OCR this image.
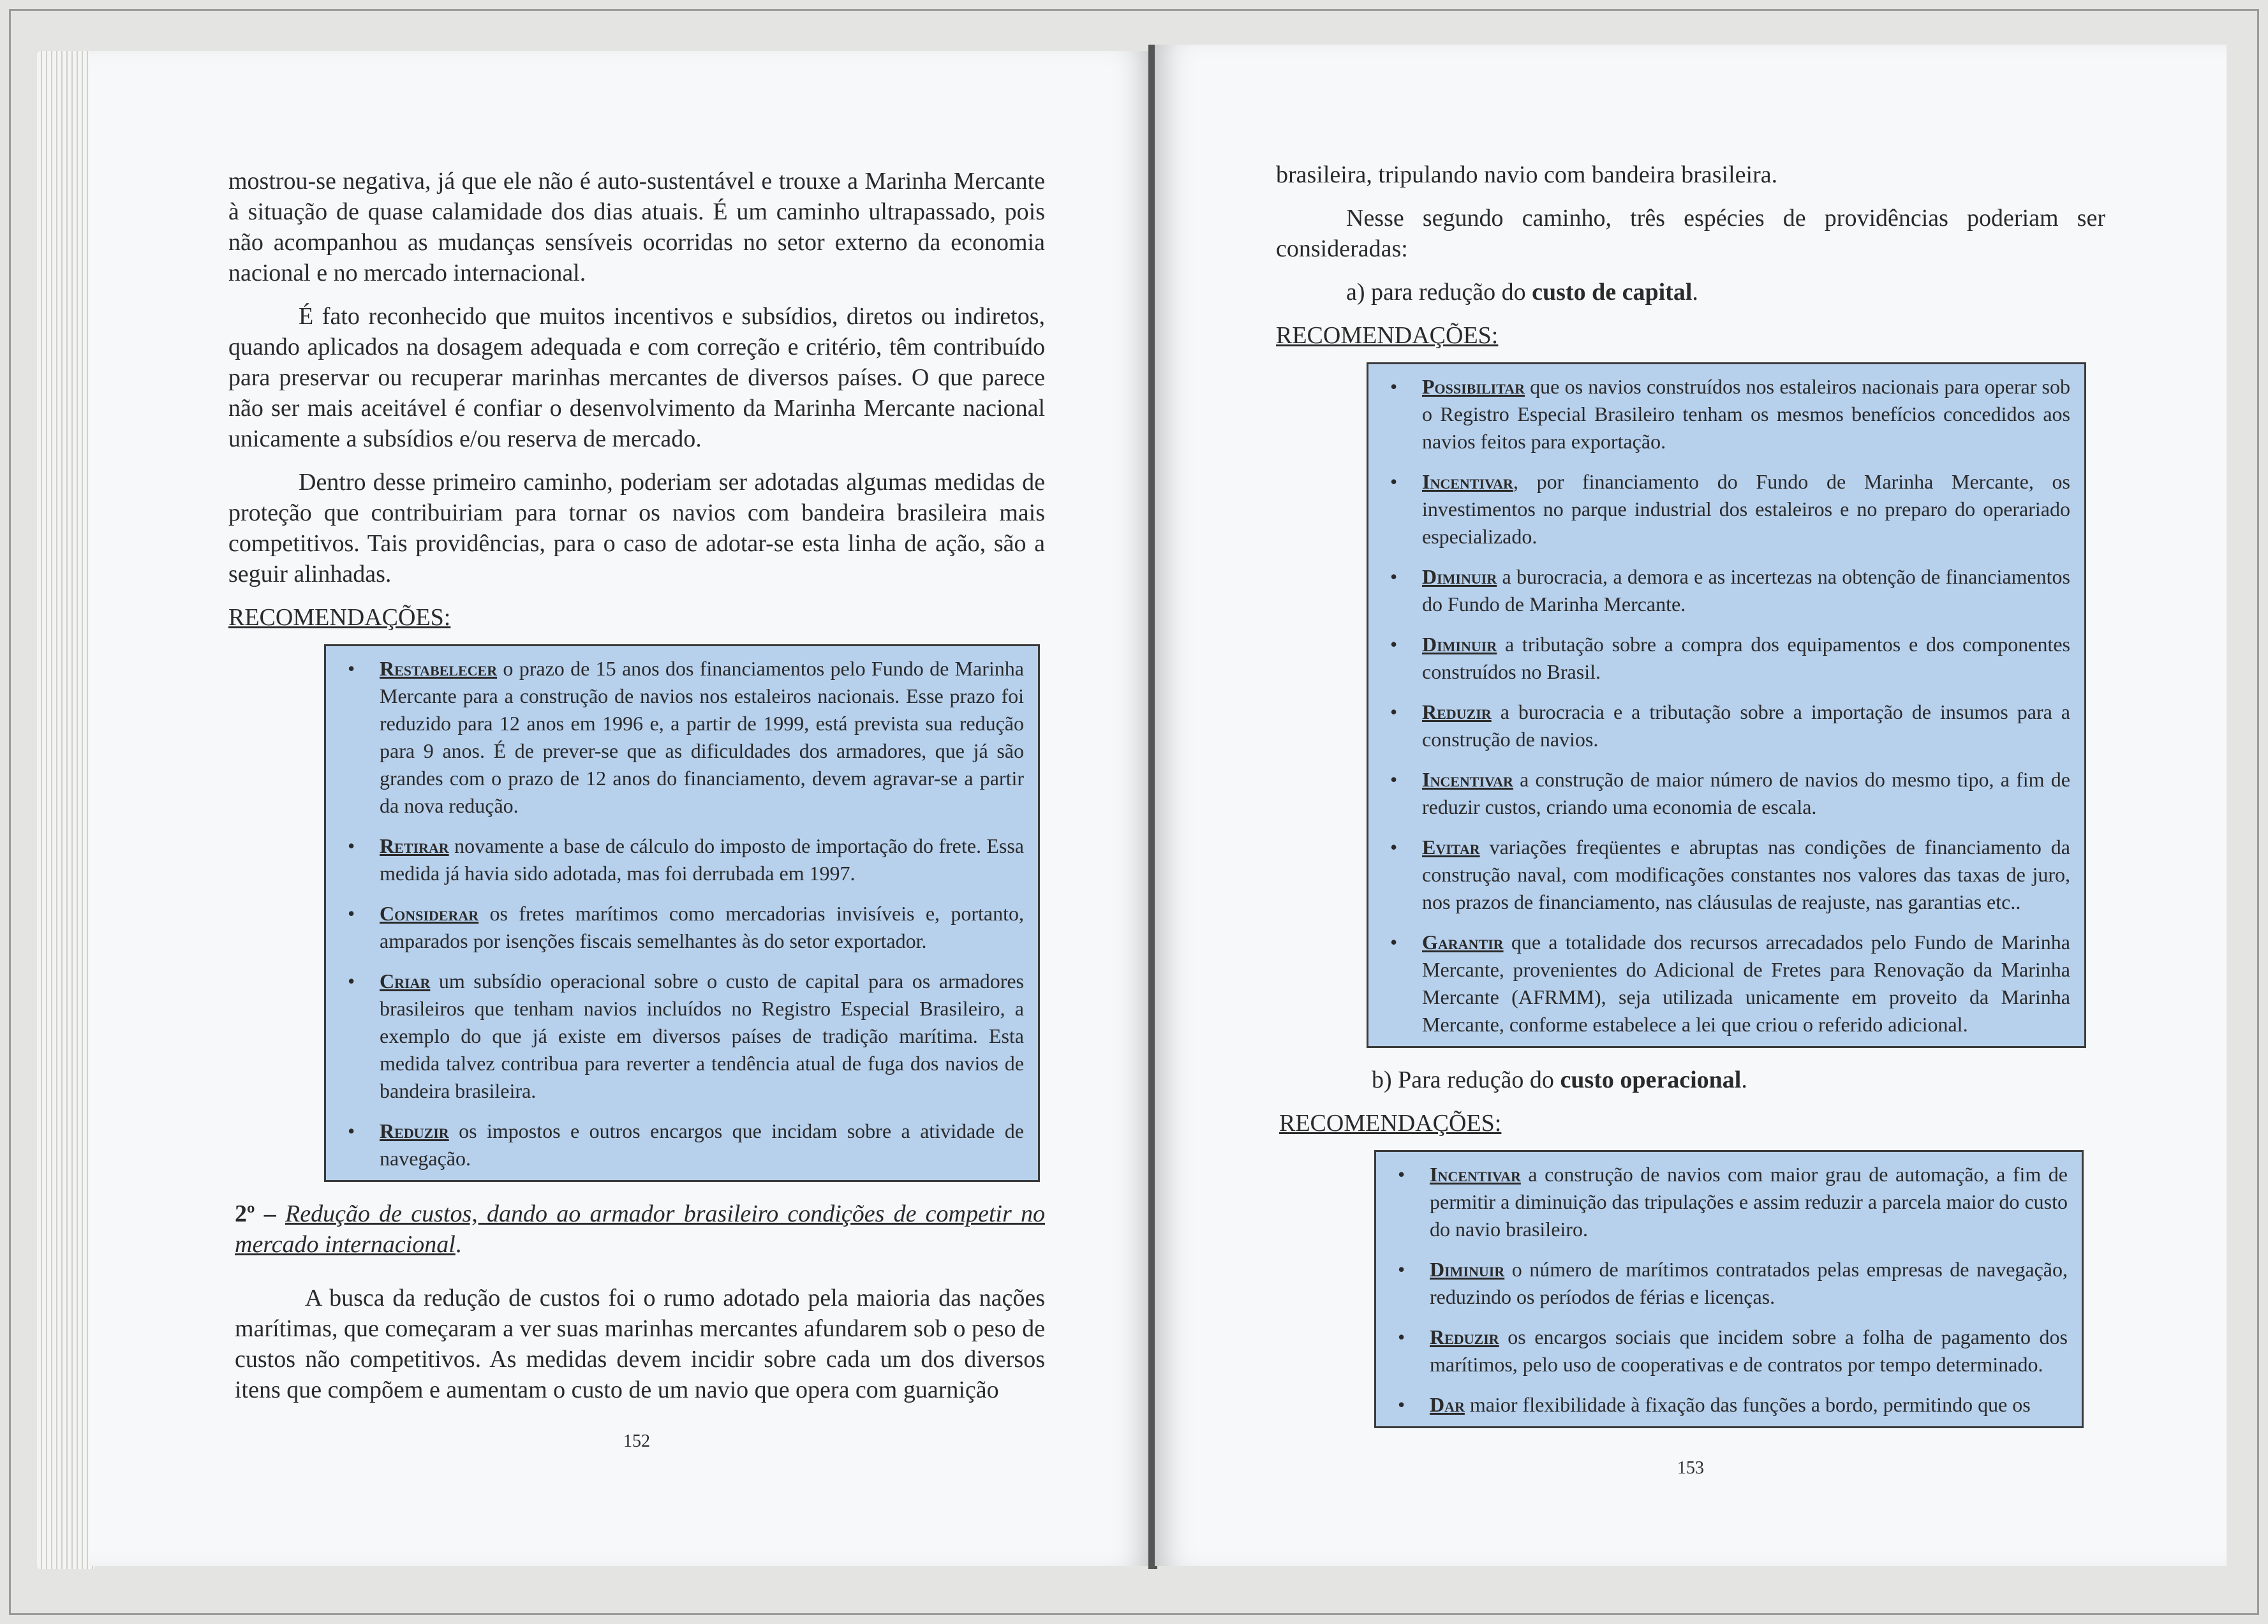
mostrou-se negativa, já que ele não é auto-sustentável e trouxe a Marinha Mercante à situação de quase calamidade dos dias atuais. É um caminho ultrapassado, pois não acompanhou as mudanças sensíveis ocorridas no setor externo da economia nacional e no mercado internacional.

É fato reconhecido que muitos incentivos e subsídios, diretos ou indiretos, quando aplicados na dosagem adequada e com correção e critério, têm contribuído para preservar ou recuperar marinhas mercantes de diversos países. O que parece não ser mais aceitável é confiar o desenvolvimento da Marinha Mercante nacional unicamente a subsídios e/ou reserva de mercado.

Dentro desse primeiro caminho, poderiam ser adotadas algumas medidas de proteção que contribuiriam para tornar os navios com bandeira brasileira mais competitivos. Tais providências, para o caso de adotar-se esta linha de ação, são a seguir alinhadas.

RECOMENDAÇÕES:

• Restabelecer o prazo de 15 anos dos financiamentos pelo Fundo de Marinha Mercante para a construção de navios nos estaleiros nacionais. Esse prazo foi reduzido para 12 anos em 1996 e, a partir de 1999, está prevista sua redução para 9 anos. É de prever-se que as dificuldades dos armadores, que já são grandes com o prazo de 12 anos do financiamento, devem agravar-se a partir da nova redução.
• Retirar novamente a base de cálculo do imposto de importação do frete. Essa medida já havia sido adotada, mas foi derrubada em 1997.
• Considerar os fretes marítimos como mercadorias invisíveis e, portanto, amparados por isenções fiscais semelhantes às do setor exportador.
• Criar um subsídio operacional sobre o custo de capital para os armadores brasileiros que tenham navios incluídos no Registro Especial Brasileiro, a exemplo do que já existe em diversos países de tradição marítima. Esta medida talvez contribua para reverter a tendência atual de fuga dos navios de bandeira brasileira.
• Reduzir os impostos e outros encargos que incidam sobre a atividade de navegação.

2º – Redução de custos, dando ao armador brasileiro condições de competir no mercado internacional.

A busca da redução de custos foi o rumo adotado pela maioria das nações marítimas, que começaram a ver suas marinhas mercantes afundarem sob o peso de custos não competitivos. As medidas devem incidir sobre cada um dos diversos itens que compõem e aumentam o custo de um navio que opera com guarnição

152

brasileira, tripulando navio com bandeira brasileira.

Nesse segundo caminho, três espécies de providências poderiam ser consideradas:

a) para redução do custo de capital.

RECOMENDAÇÕES:

• Possibilitar que os navios construídos nos estaleiros nacionais para operar sob o Registro Especial Brasileiro tenham os mesmos benefícios concedidos aos navios feitos para exportação.
• Incentivar, por financiamento do Fundo de Marinha Mercante, os investimentos no parque industrial dos estaleiros e no preparo do operariado especializado.
• Diminuir a burocracia, a demora e as incertezas na obtenção de financiamentos do Fundo de Marinha Mercante.
• Diminuir a tributação sobre a compra dos equipamentos e dos componentes construídos no Brasil.
• Reduzir a burocracia e a tributação sobre a importação de insumos para a construção de navios.
• Incentivar a construção de maior número de navios do mesmo tipo, a fim de reduzir custos, criando uma economia de escala.
• Evitar variações freqüentes e abruptas nas condições de financiamento da construção naval, com modificações constantes nos valores das taxas de juro, nos prazos de financiamento, nas cláusulas de reajuste, nas garantias etc..
• Garantir que a totalidade dos recursos arrecadados pelo Fundo de Marinha Mercante, provenientes do Adicional de Fretes para Renovação da Marinha Mercante (AFRMM), seja utilizada unicamente em proveito da Marinha Mercante, conforme estabelece a lei que criou o referido adicional.

b) Para redução do custo operacional.

RECOMENDAÇÕES:

• Incentivar a construção de navios com maior grau de automação, a fim de permitir a diminuição das tripulações e assim reduzir a parcela maior do custo do navio brasileiro.
• Diminuir o número de marítimos contratados pelas empresas de navegação, reduzindo os períodos de férias e licenças.
• Reduzir os encargos sociais que incidem sobre a folha de pagamento dos marítimos, pelo uso de cooperativas e de contratos por tempo determinado.
• Dar maior flexibilidade à fixação das funções a bordo, permitindo que os
153
